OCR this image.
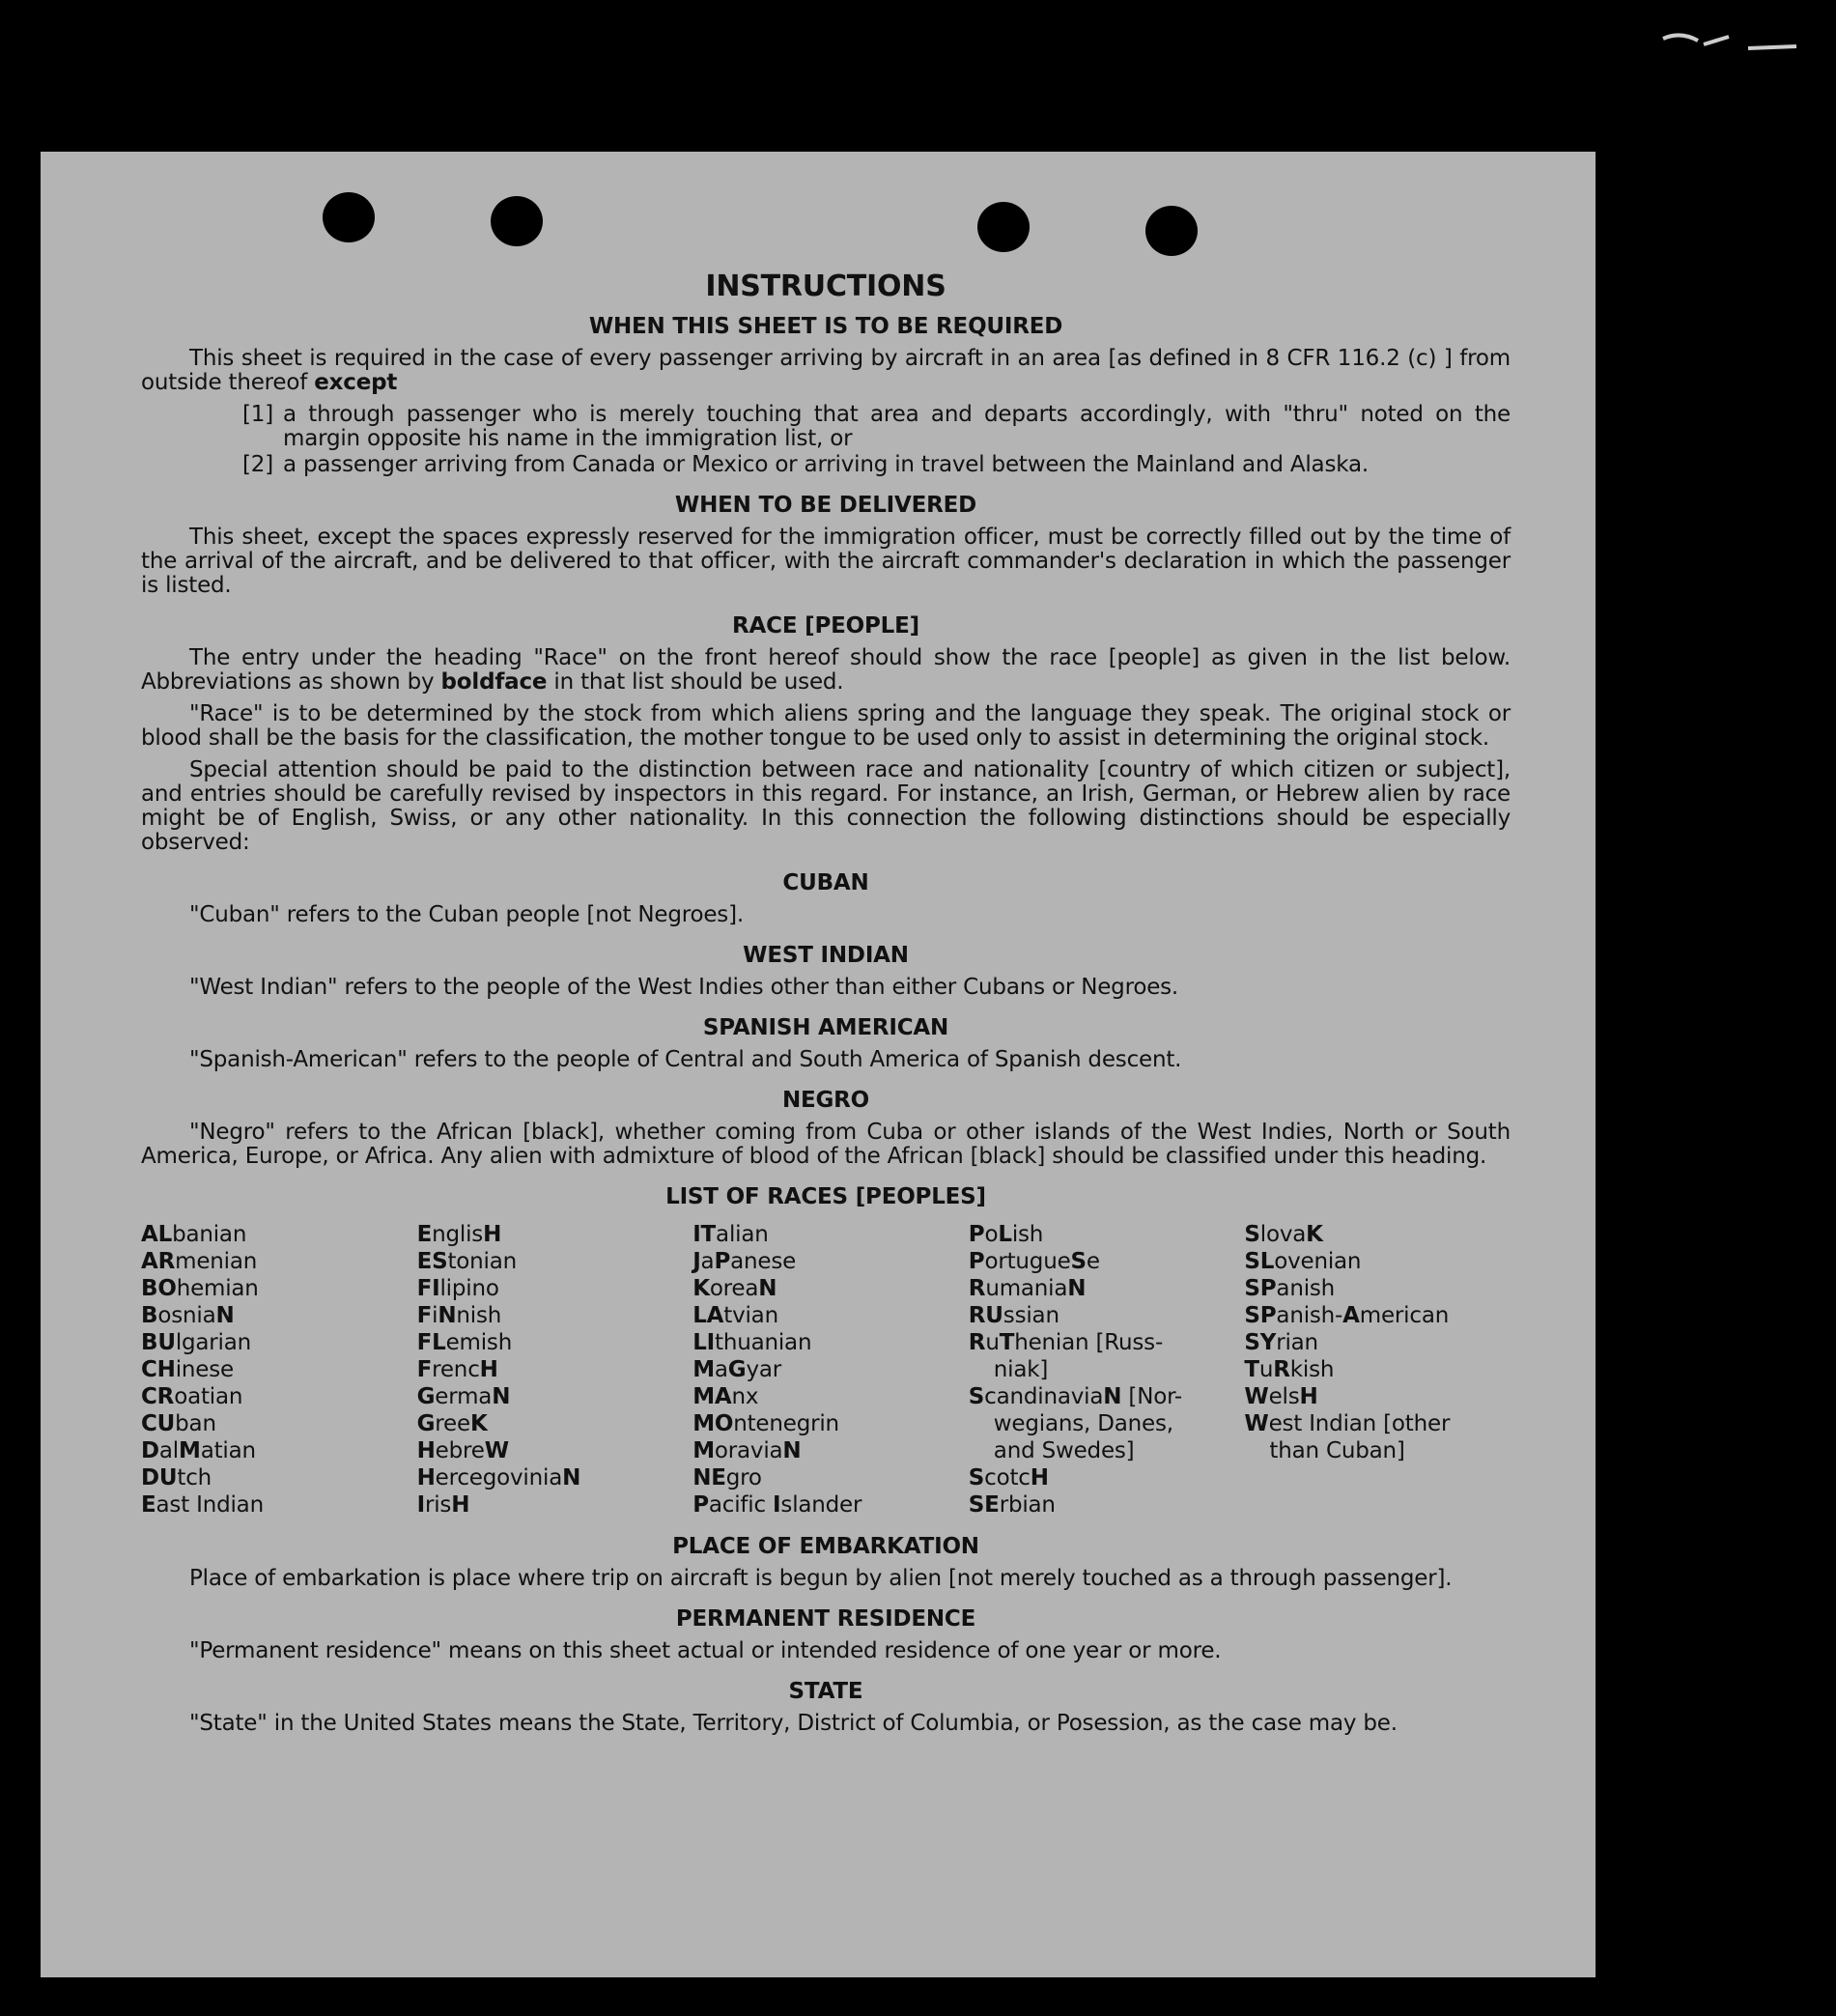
INSTRUCTIONS
WHEN THIS SHEET IS TO BE REQUIRED

This sheet is required in the case of every passenger arriving by aircraft in an area [as defined in 8 CFR 116.2 (c) ] from outside thereof except

[1] a through passenger who is merely touching that area and departs accordingly, with "thru" noted on the margin opposite his name in the immigration list, or
[2] a passenger arriving from Canada or Mexico or arriving in travel between the Mainland and Alaska.
WHEN TO BE DELIVERED

This sheet, except the spaces expressly reserved for the immigration officer, must be correctly filled out by the time of the arrival of the aircraft, and be delivered to that officer, with the aircraft commander's declaration in which the passenger is listed.

RACE [PEOPLE]

The entry under the heading "Race" on the front hereof should show the race [people] as given in the list below. Abbreviations as shown by boldface in that list should be used.

"Race" is to be determined by the stock from which aliens spring and the language they speak. The original stock or blood shall be the basis for the classification, the mother tongue to be used only to assist in determining the original stock.

Special attention should be paid to the distinction between race and nationality [country of which citizen or subject], and entries should be carefully revised by inspectors in this regard. For instance, an Irish, German, or Hebrew alien by race might be of English, Swiss, or any other nationality. In this connection the following distinctions should be especially observed:

CUBAN

"Cuban" refers to the Cuban people [not Negroes].

WEST INDIAN

"West Indian" refers to the people of the West Indies other than either Cubans or Negroes.

SPANISH AMERICAN

"Spanish-American" refers to the people of Central and South America of Spanish descent.

NEGRO

"Negro" refers to the African [black], whether coming from Cuba or other islands of the West Indies, North or South America, Europe, or Africa. Any alien with admixture of blood of the African [black] should be classified under this heading.

LIST OF RACES [PEOPLES]
ALbanian
ARmenian
BOhemian
BosniaN
BUlgarian
CHinese
CRoatian
CUban
DalMatian
DUtch
East Indian
EnglisH
EStonian
FIlipino
FiNnish
FLemish
FrencH
GermaN
GreeK
HebreW
HercegoviniaN
IrisH
ITalian
JaPanese
KoreaN
LAtvian
LIthuanian
MaGyar
MAnx
MOntenegrin
MoraviaN
NEgro
Pacific Islander
PoLish
PortugueSe
RumaniaN
RUssian
RuThenian [Russ-
niak]
ScandinaviaN [Nor-
wegians, Danes,
and Swedes]
ScotcH
SErbian
SlovaK
SLovenian
SPanish
SPanish-American
SYrian
TuRkish
WelsH
West Indian [other
than Cuban]
PLACE OF EMBARKATION

Place of embarkation is place where trip on aircraft is begun by alien [not merely touched as a through passenger].

PERMANENT RESIDENCE

"Permanent residence" means on this sheet actual or intended residence of one year or more.

STATE

"State" in the United States means the State, Territory, District of Columbia, or Posession, as the case may be.
